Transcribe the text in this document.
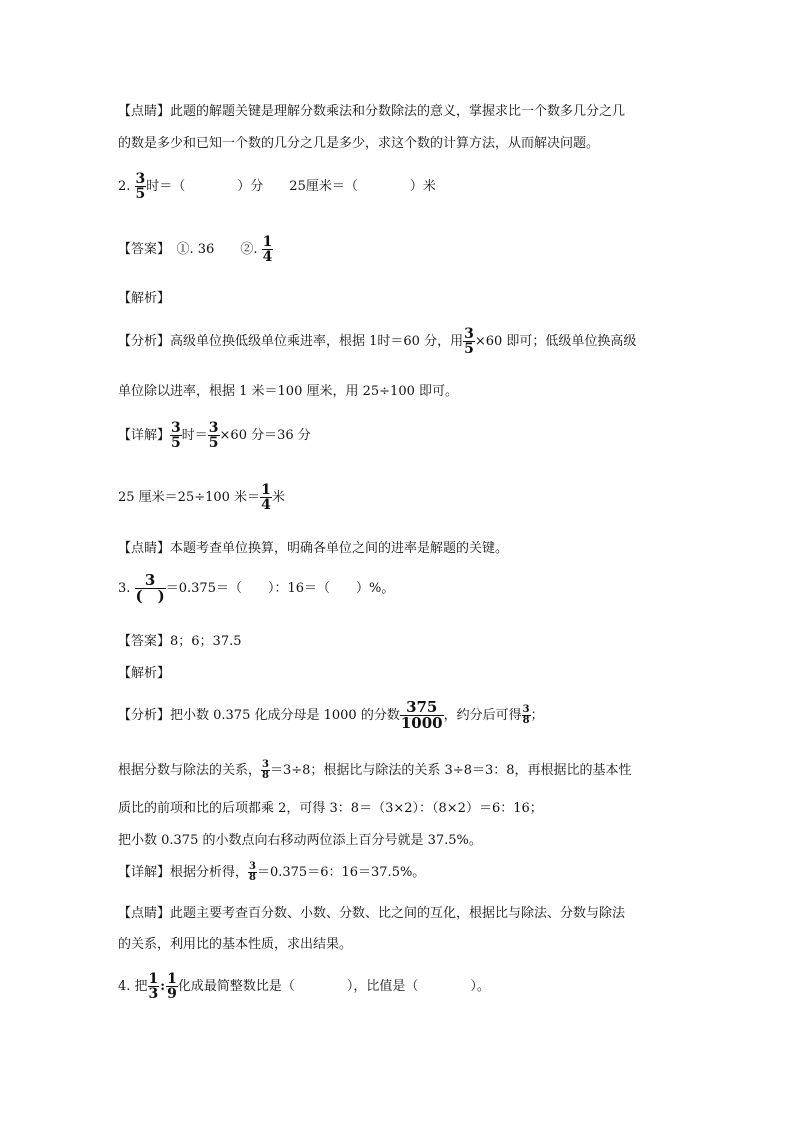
【点睛】此题的解题关键是理解分数乘法和分数除法的意义，掌握求比一个数多几分之几
的数是多少和已知一个数的几分之几是多少，求这个数的计算方法，从而解决问题。
2. $\frac{3}{5}$ 时＝（　　　　）分　　25厘米＝（　　　　）米
【答案】　①. 36　　②. $\frac{1}{4}$
【解析】
【分析】高级单位换低级单位乘进率，根据 1时＝60 分，用 $\frac{3}{5} \times 60$ 即可；低级单位换高级
单位除以进率，根据 1 米＝100 厘米，用 25÷100 即可。
【详解】 $\frac{3}{5}$ 时＝ $\frac{3}{5} \times 60$ 分＝36 分
25 厘米＝25÷100 米＝ $\frac{1}{4}$ 米
【点睛】本题考查单位换算，明确各单位之间的进率是解题的关键。
3. 3
(　) ＝0.375＝（　　）：16＝（　　）%。
【答案】8；6；37.5
【解析】
【分析】把小数 0.375 化成分母是 1000 的分数 $\frac{375}{1000}$ ，约分后可得 $\frac{3}{8}$ ；
根据分数与除法的关系， $\frac{3}{8} =3\div 8$；根据比与除法的关系 3÷8＝3：8，再根据比的基本性
质比的前项和比的后项都乘 2，可得 3：8＝（3×2）：（8×2）＝6：16；
把小数 0.375 的小数点向右移动两位添上百分号就是 37.5%。
【详解】根据分析得， $\frac{3}{8} =0.375=6$：16＝37.5%。
【点睛】此题主要考查百分数、小数、分数、比之间的互化，根据比与除法、分数与除法
的关系，利用比的基本性质，求出结果。
4. 把 $\frac{1}{3}$ : $\frac{1}{9}$ 化成最简整数比是（　　　　），比值是（　　　　）。
